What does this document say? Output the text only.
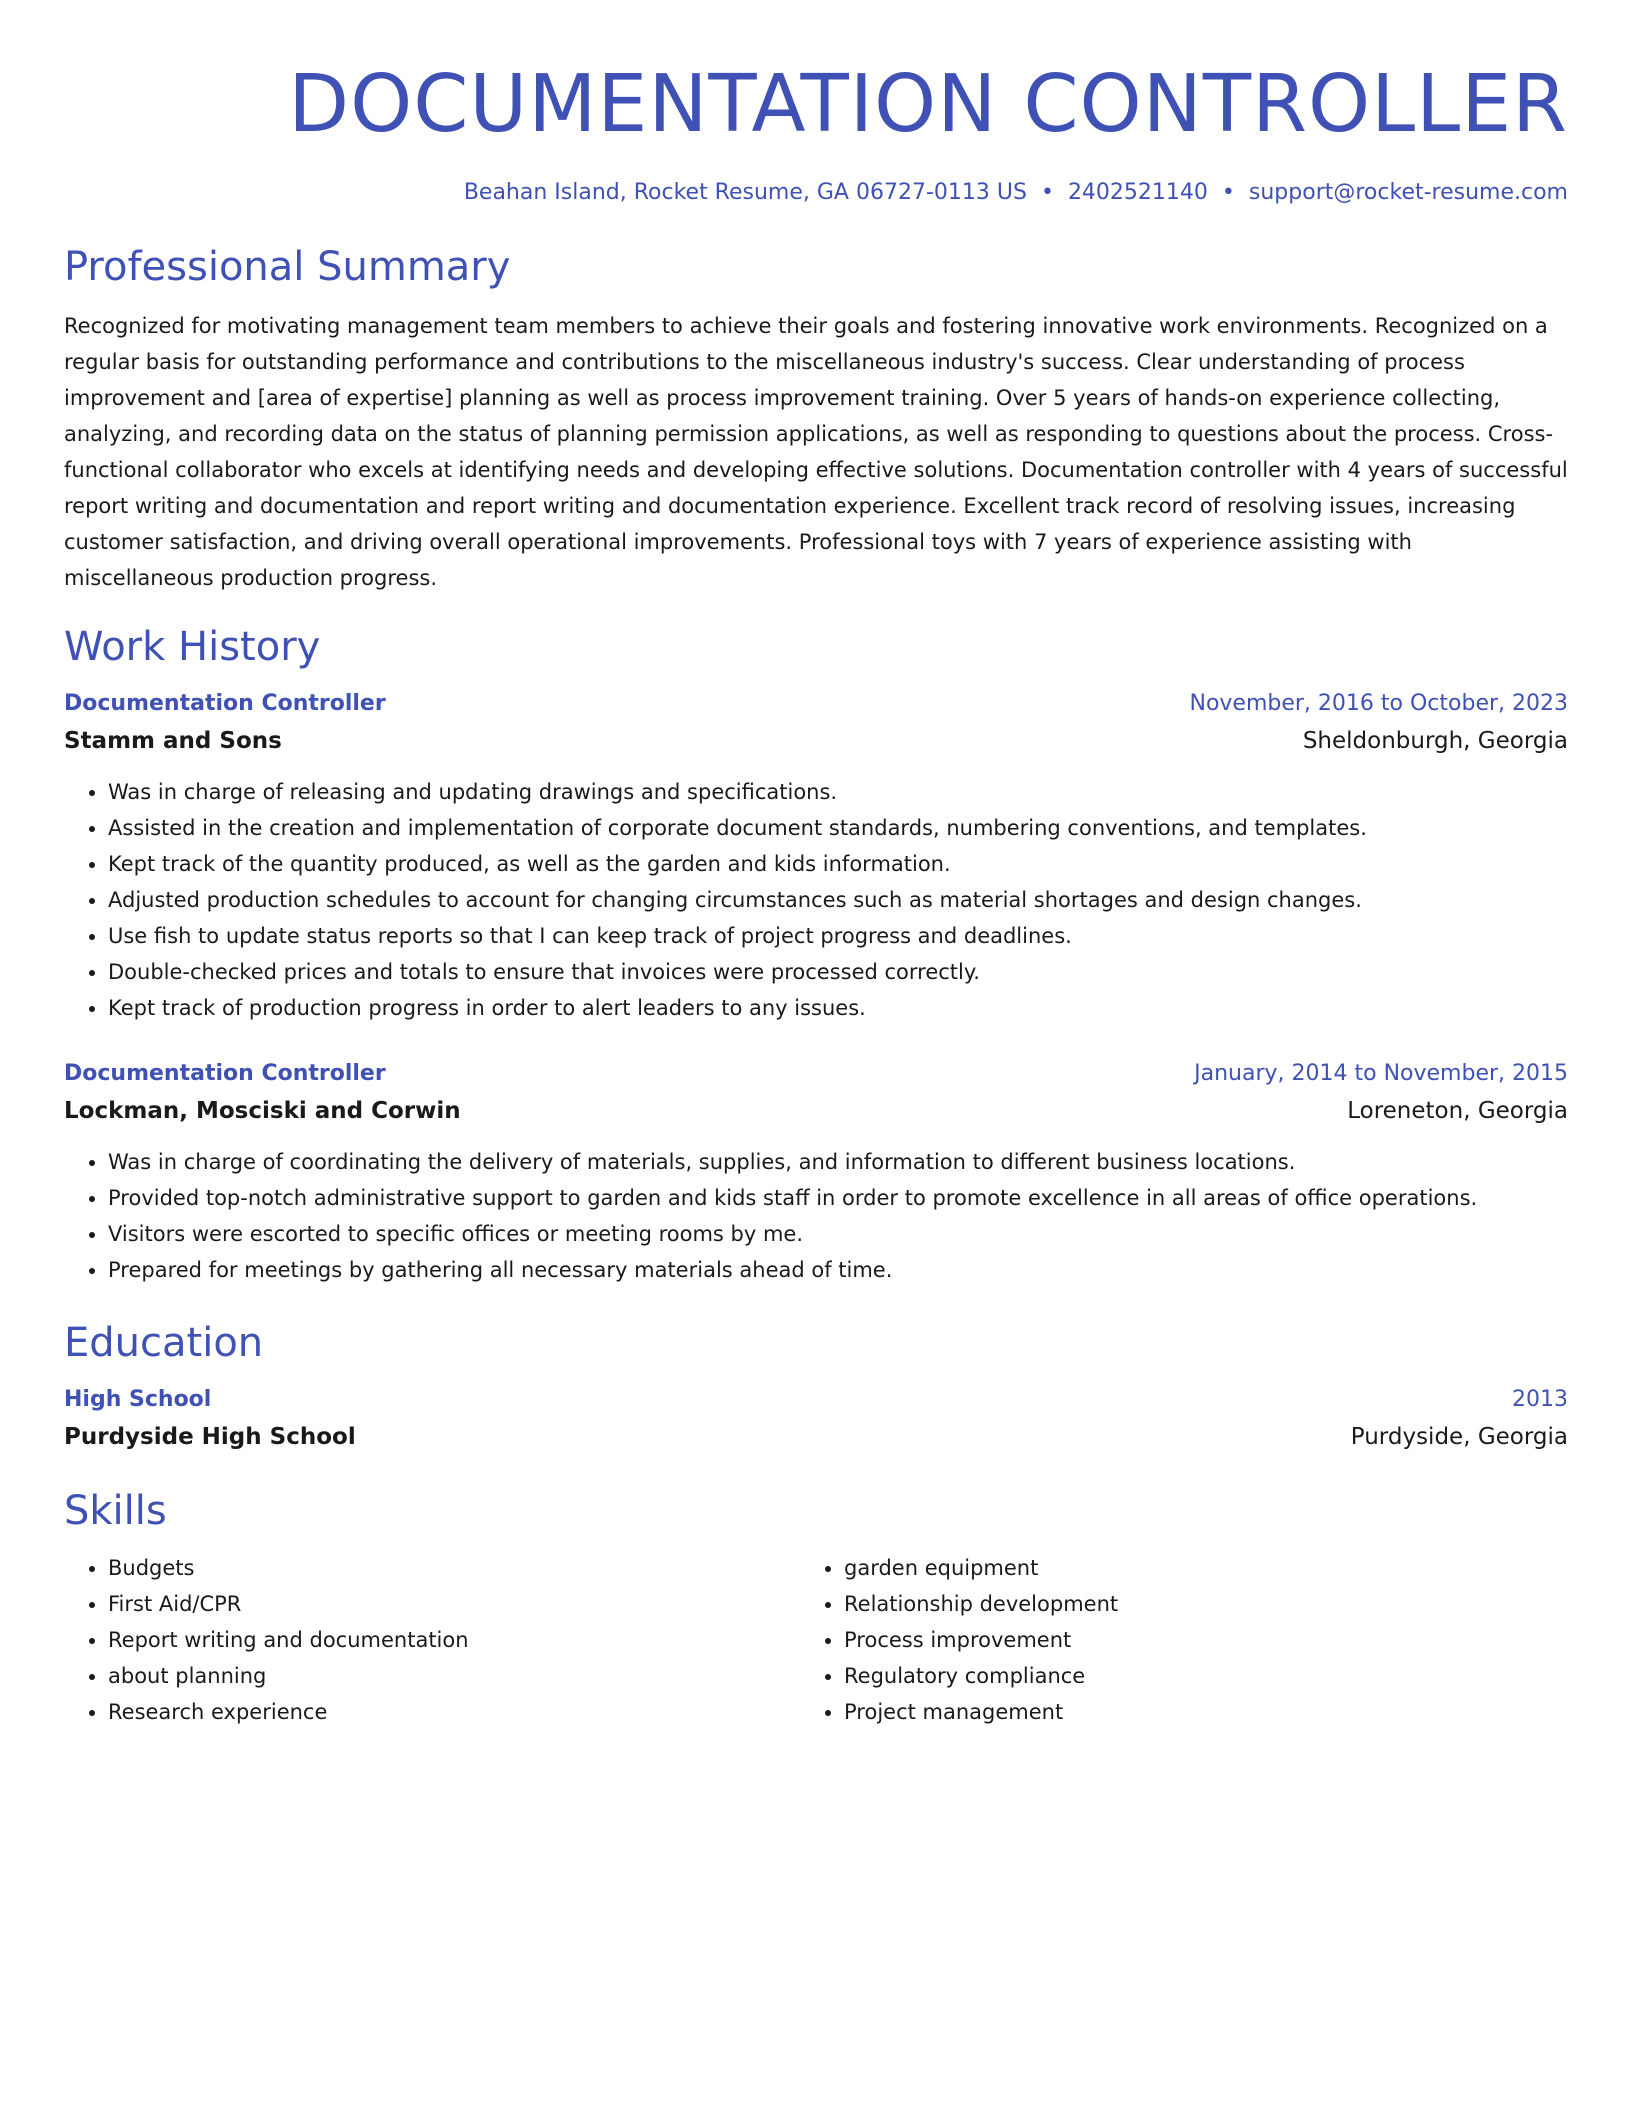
DOCUMENTATION CONTROLLER
Beahan Island, Rocket Resume, GA 06727-0113 US • 2402521140 • support@rocket-resume.com
Professional Summary
Recognized for motivating management team members to achieve their goals and fostering innovative work environments. Recognized on a regular basis for outstanding performance and contributions to the miscellaneous industry's success. Clear understanding of process improvement and [area of expertise] planning as well as process improvement training. Over 5 years of hands-on experience collecting, analyzing, and recording data on the status of planning permission applications, as well as responding to questions about the process. Cross-functional collaborator who excels at identifying needs and developing effective solutions. Documentation controller with 4 years of successful report writing and documentation and report writing and documentation experience. Excellent track record of resolving issues, increasing customer satisfaction, and driving overall operational improvements. Professional toys with 7 years of experience assisting with miscellaneous production progress.
Work History
Documentation Controller	November, 2016 to October, 2023
Stamm and Sons	Sheldonburgh, Georgia
• Was in charge of releasing and updating drawings and specifications.
• Assisted in the creation and implementation of corporate document standards, numbering conventions, and templates.
• Kept track of the quantity produced, as well as the garden and kids information.
• Adjusted production schedules to account for changing circumstances such as material shortages and design changes.
• Use fish to update status reports so that I can keep track of project progress and deadlines.
• Double-checked prices and totals to ensure that invoices were processed correctly.
• Kept track of production progress in order to alert leaders to any issues.
Documentation Controller	January, 2014 to November, 2015
Lockman, Mosciski and Corwin	Loreneton, Georgia
• Was in charge of coordinating the delivery of materials, supplies, and information to different business locations.
• Provided top-notch administrative support to garden and kids staff in order to promote excellence in all areas of office operations.
• Visitors were escorted to specific offices or meeting rooms by me.
• Prepared for meetings by gathering all necessary materials ahead of time.
Education
High School	2013
Purdyside High School	Purdyside, Georgia
Skills
• Budgets
• First Aid/CPR
• Report writing and documentation
• about planning
• Research experience
• garden equipment
• Relationship development
• Process improvement
• Regulatory compliance
• Project management
